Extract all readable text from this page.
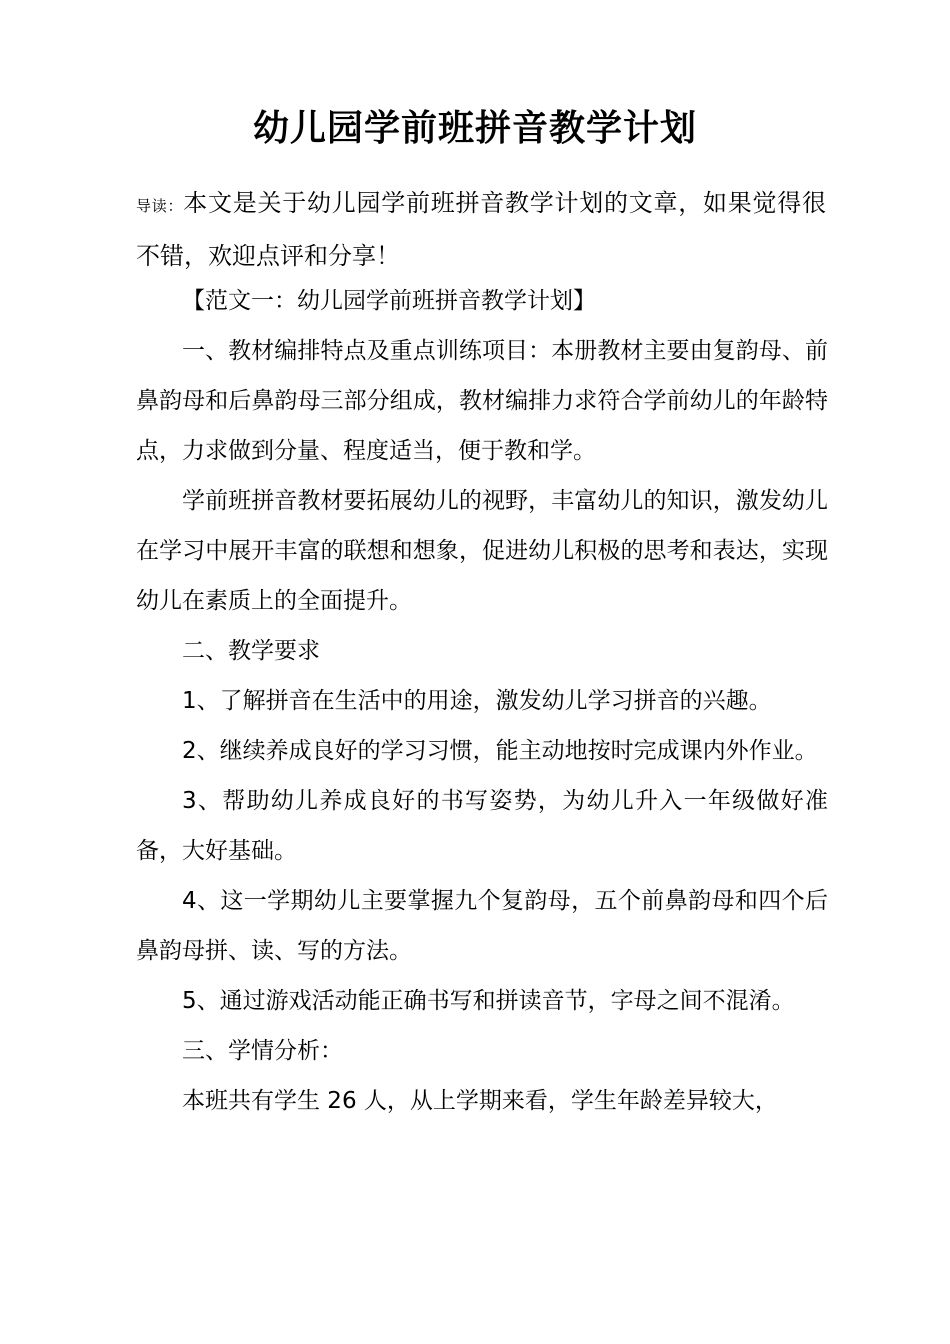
幼儿园学前班拼音教学计划

导读：本文是关于幼儿园学前班拼音教学计划的文章，如果觉得很不错，欢迎点评和分享！

【范文一：幼儿园学前班拼音教学计划】

一、教材编排特点及重点训练项目：本册教材主要由复韵母、前鼻韵母和后鼻韵母三部分组成，教材编排力求符合学前幼儿的年龄特点，力求做到分量、程度适当，便于教和学。

学前班拼音教材要拓展幼儿的视野，丰富幼儿的知识，激发幼儿在学习中展开丰富的联想和想象，促进幼儿积极的思考和表达，实现幼儿在素质上的全面提升。

二、教学要求

1、了解拼音在生活中的用途，激发幼儿学习拼音的兴趣。

2、继续养成良好的学习习惯，能主动地按时完成课内外作业。

3、帮助幼儿养成良好的书写姿势，为幼儿升入一年级做好准备，大好基础。

4、这一学期幼儿主要掌握九个复韵母，五个前鼻韵母和四个后鼻韵母拼、读、写的方法。

5、通过游戏活动能正确书写和拼读音节，字母之间不混淆。

三、学情分析：

本班共有学生 26 人，从上学期来看，学生年龄差异较大，
